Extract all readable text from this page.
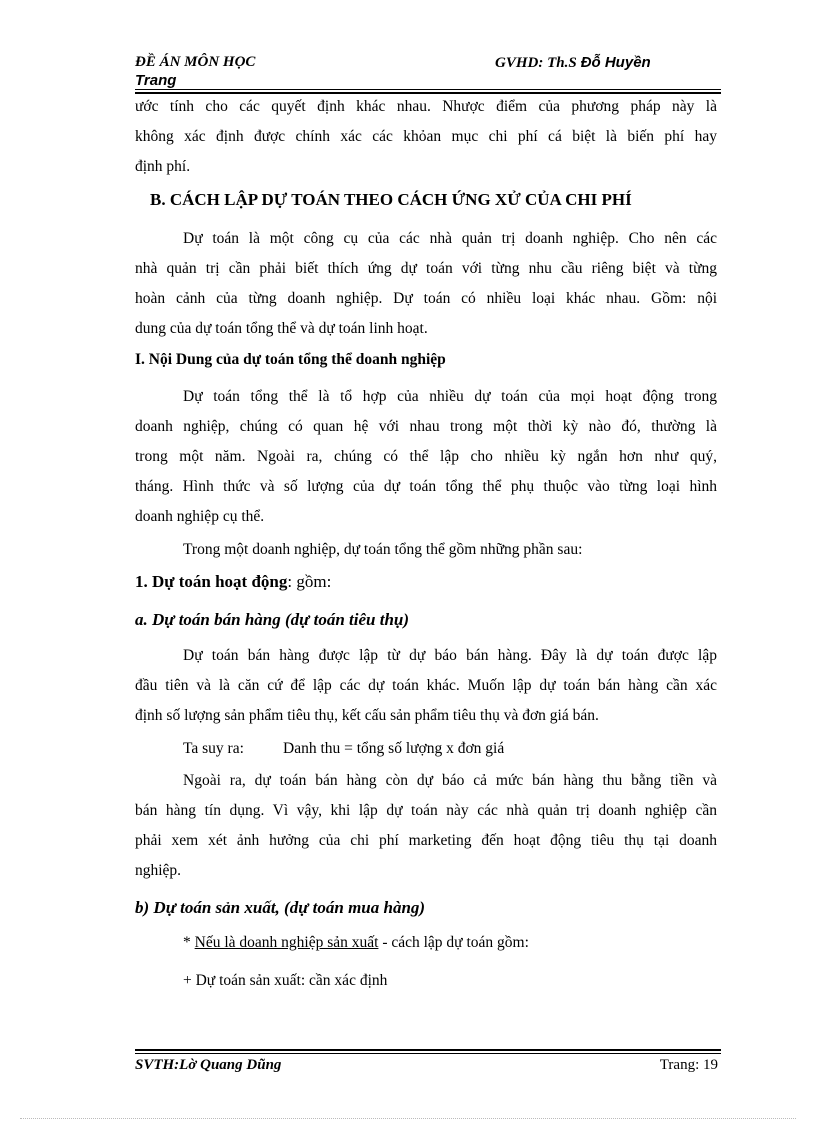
ĐỀ ÁN MÔN HỌC	GVHD: Th.S Đỗ Huyền
Trang
ước tính cho các quyết định khác nhau. Nhược điểm của phương pháp này là
không xác định được chính xác các khỏan mục chi phí cá biệt là biến phí hay
định phí.
B. CÁCH LẬP DỰ TOÁN THEO CÁCH ỨNG XỬ CỦA CHI PHÍ
Dự toán là một công cụ của các nhà quản trị doanh nghiệp. Cho nên các
nhà quản trị cần phải biết thích ứng dự toán với từng nhu cầu riêng biệt và từng
hoàn cảnh của từng doanh nghiệp. Dự toán có nhiều loại khác nhau. Gồm: nội
dung của dự toán tổng thể và dự toán linh hoạt.
I. Nội Dung của dự toán tổng thể doanh nghiệp
Dự toán tổng thể là tổ hợp của nhiều dự toán của mọi hoạt động trong
doanh nghiệp, chúng có quan hệ với nhau trong một thời kỳ nào đó, thường là
trong một năm. Ngoài ra, chúng có thể lập cho nhiều kỳ ngắn hơn như quý,
tháng. Hình thức và số lượng của dự toán tổng thể phụ thuộc vào từng loại hình
doanh nghiệp cụ thể.
Trong một doanh nghiệp, dự toán tổng thể gồm những phần sau:
1. Dự toán hoạt động: gồm:
a. Dự toán bán hàng (dự toán tiêu thụ)
Dự toán bán hàng được lập từ dự báo bán hàng. Đây là dự toán được lập
đầu tiên và là căn cứ để lập các dự toán khác. Muốn lập dự toán bán hàng cần xác
định số lượng sản phẩm tiêu thụ, kết cấu sản phẩm tiêu thụ và đơn giá bán.
Ta suy ra:	Danh thu = tổng số lượng x đơn giá
Ngoài ra, dự toán bán hàng còn dự báo cả mức bán hàng thu bằng tiền và
bán hàng tín dụng. Vì vậy, khi lập dự toán này các nhà quản trị doanh nghiệp cần
phải xem xét ảnh hưởng của chi phí marketing đến hoạt động tiêu thụ tại doanh
nghiệp.
b) Dự toán sản xuất, (dự toán mua hàng)
* Nếu là doanh nghiệp sản xuất - cách lập dự toán gồm:
+ Dự toán sản xuất: cần xác định
SVTH:Lờ Quang Dũng	Trang: 19
